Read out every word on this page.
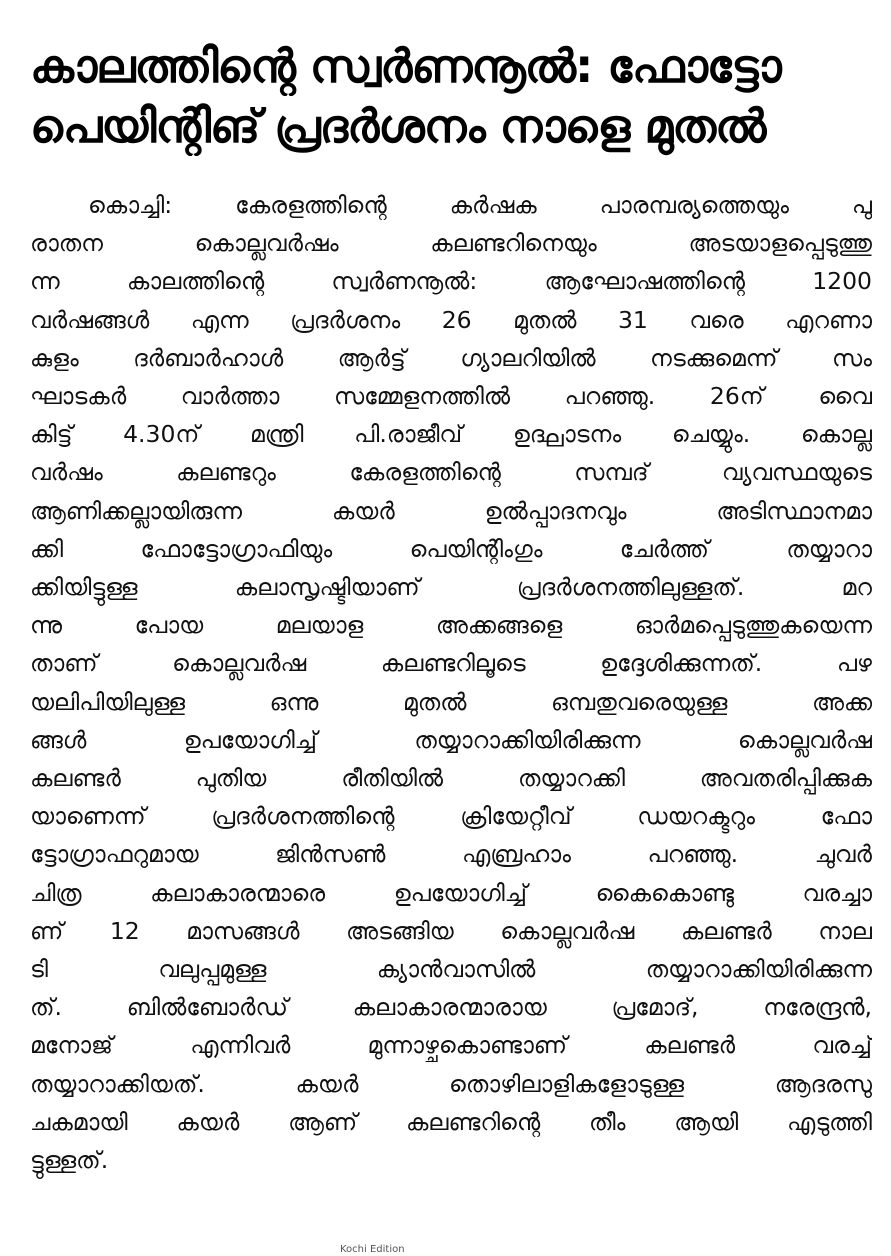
കാലത്തിന്റെ സ്വർണനൂൽ: ഫോട്ടോ
പെയിന്റിങ് പ്രദർശനം നാളെ മുതൽ
കൊച്ചി: കേരളത്തിന്റെ കർഷക പാരമ്പര്യത്തെയും പു
രാതന കൊല്ലവർഷം കലണ്ടറിനെയും അടയാളപ്പെടുത്തു
ന്ന കാലത്തിന്റെ സ്വർണനൂൽ: ആഘോഷത്തിന്റെ 1200
വർഷങ്ങൾ എന്ന പ്രദർശനം 26 മുതൽ 31 വരെ എറണാ
കുളം ദർബാർഹാൾ ആർട്ട് ഗ്യാലറിയിൽ നടക്കുമെന്ന് സം
ഘാടകർ വാർത്താ സമ്മേളനത്തിൽ പറഞ്ഞു. 26ന് വൈ
കിട്ട് 4.30ന് മന്ത്രി പി.രാജീവ് ഉദ്ഘാടനം ചെയ്യും. കൊല്ല
വർഷം കലണ്ടറും കേരളത്തിന്റെ സമ്പദ് വ്യവസ്ഥയുടെ
ആണിക്കല്ലായിരുന്ന കയർ ഉൽപ്പാദനവും അടിസ്ഥാനമാ
ക്കി ഫോട്ടോഗ്രാഫിയും പെയിന്റിംഗും ചേർത്ത് തയ്യാറാ
ക്കിയിട്ടുള്ള കലാസൃഷ്ടിയാണ് പ്രദർശനത്തിലുള്ളത്. മറ
ന്നു പോയ മലയാള അക്കങ്ങളെ ഓർമപ്പെടുത്തുകയെന്ന
താണ് കൊല്ലവർഷ കലണ്ടറിലൂടെ ഉദ്ദേശിക്കുന്നത്. പഴ
യലിപിയിലുള്ള ഒന്നു മുതൽ ഒമ്പതുവരെയുള്ള അക്ക
ങ്ങൾ ഉപയോഗിച്ച് തയ്യാറാക്കിയിരിക്കുന്ന കൊല്ലവർഷ
കലണ്ടർ പുതിയ രീതിയിൽ തയ്യാറക്കി അവതരിപ്പിക്കുക
യാണെന്ന് പ്രദർശനത്തിന്റെ ക്രിയേറ്റീവ് ഡയറക്ടറും ഫോ
ട്ടോഗ്രാഫറുമായ ജിൻസൺ എബ്രഹാം പറഞ്ഞു. ചുവർ
ചിത്ര കലാകാരന്മാരെ ഉപയോഗിച്ച് കൈകൊണ്ടു വരച്ചാ
ണ് 12 മാസങ്ങൾ അടങ്ങിയ കൊല്ലവർഷ കലണ്ടർ നാല
ടി വലുപ്പമുള്ള ക്യാൻവാസിൽ തയ്യാറാക്കിയിരിക്കുന്ന
ത്. ബിൽബോർഡ് കലാകാരന്മാരായ പ്രമോദ്, നരേന്ദ്രൻ,
മനോജ് എന്നിവർ മുന്നാഴ്ചകൊണ്ടാണ് കലണ്ടർ വരച്ച്
തയ്യാറാക്കിയത്. കയർ തൊഴിലാളികളോടുള്ള ആദരസു
ചകമായി കയർ ആണ് കലണ്ടറിന്റെ തീം ആയി എടുത്തി
ട്ടുള്ളത്.
Kochi Edition
